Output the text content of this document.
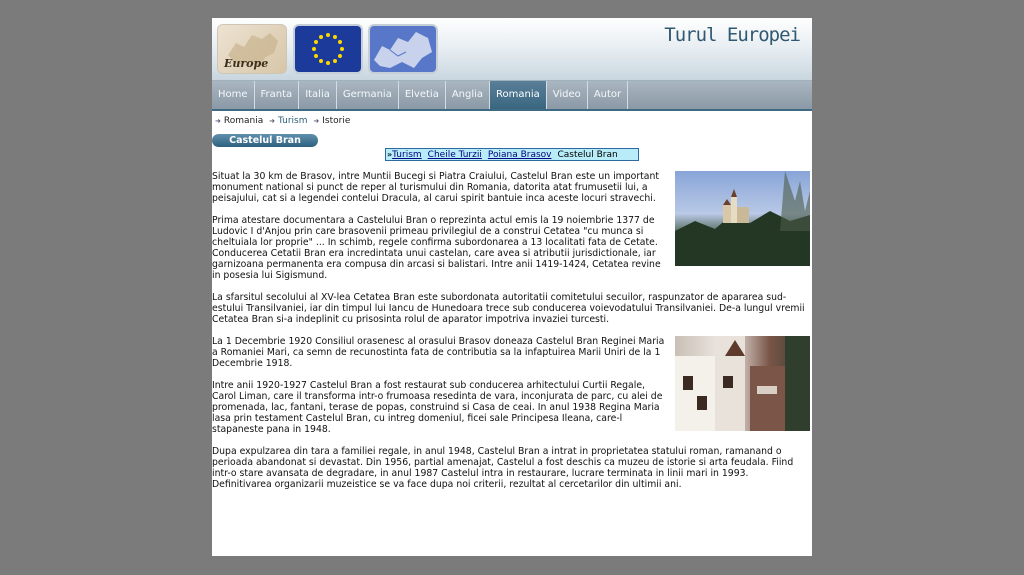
Europe
Turul Europei
Home	Franta	Italia	Germania	Elvetia	Anglia	Romania	Video	Autor
➜ Romania ➜ Turism ➜ Istorie
Castelul Bran
»Turism Cheile Turzii Poiana Brasov Castelul Bran

Situat la 30 km de Brasov, intre Muntii Bucegi si Piatra Craiului, Castelul Bran este un important monument national si punct de reper al turismului din Romania, datorita atat frumusetii lui, a peisajului, cat si a legendei contelui Dracula, al carui spirit bantuie inca aceste locuri stravechi.

Prima atestare documentara a Castelului Bran o reprezinta actul emis la 19 noiembrie 1377 de Ludovic I d'Anjou prin care brasovenii primeau privilegiul de a construi Cetatea "cu munca si cheltuiala lor proprie" ... In schimb, regele confirma subordonarea a 13 localitati fata de Cetate. Conducerea Cetatii Bran era incredintata unui castelan, care avea si atributii jurisdictionale, iar garnizoana permanenta era compusa din arcasi si balistari. Intre anii 1419-1424, Cetatea revine in posesia lui Sigismund.

La sfarsitul secolului al XV-lea Cetatea Bran este subordonata autoritatii comitetului secuilor, raspunzator de apararea sud-estului Transilvaniei, iar din timpul lui Iancu de Hunedoara trece sub conducerea voievodatului Transilvaniei. De-a lungul vremii Cetatea Bran si-a indeplinit cu prisosinta rolul de aparator impotriva invaziei turcesti.

La 1 Decembrie 1920 Consiliul orasenesc al orasului Brasov doneaza Castelul Bran Reginei Maria a Romaniei Mari, ca semn de recunostinta fata de contributia sa la infaptuirea Marii Uniri de la 1 Decembrie 1918.

Intre anii 1920-1927 Castelul Bran a fost restaurat sub conducerea arhitectului Curtii Regale, Carol Liman, care il transforma intr-o frumoasa resedinta de vara, inconjurata de parc, cu alei de promenada, lac, fantani, terase de popas, construind si Casa de ceai. In anul 1938 Regina Maria lasa prin testament Castelul Bran, cu intreg domeniul, ficei sale Principesa Ileana, care-l stapaneste pana in 1948.

Dupa expulzarea din tara a familiei regale, in anul 1948, Castelul Bran a intrat in proprietatea statului roman, ramanand o perioada abandonat si devastat. Din 1956, partial amenajat, Castelul a fost deschis ca muzeu de istorie si arta feudala. Fiind intr-o stare avansata de degradare, in anul 1987 Castelul intra in restaurare, lucrare terminata in linii mari in 1993. Definitivarea organizarii muzeistice se va face dupa noi criterii, rezultat al cercetarilor din ultimii ani.
